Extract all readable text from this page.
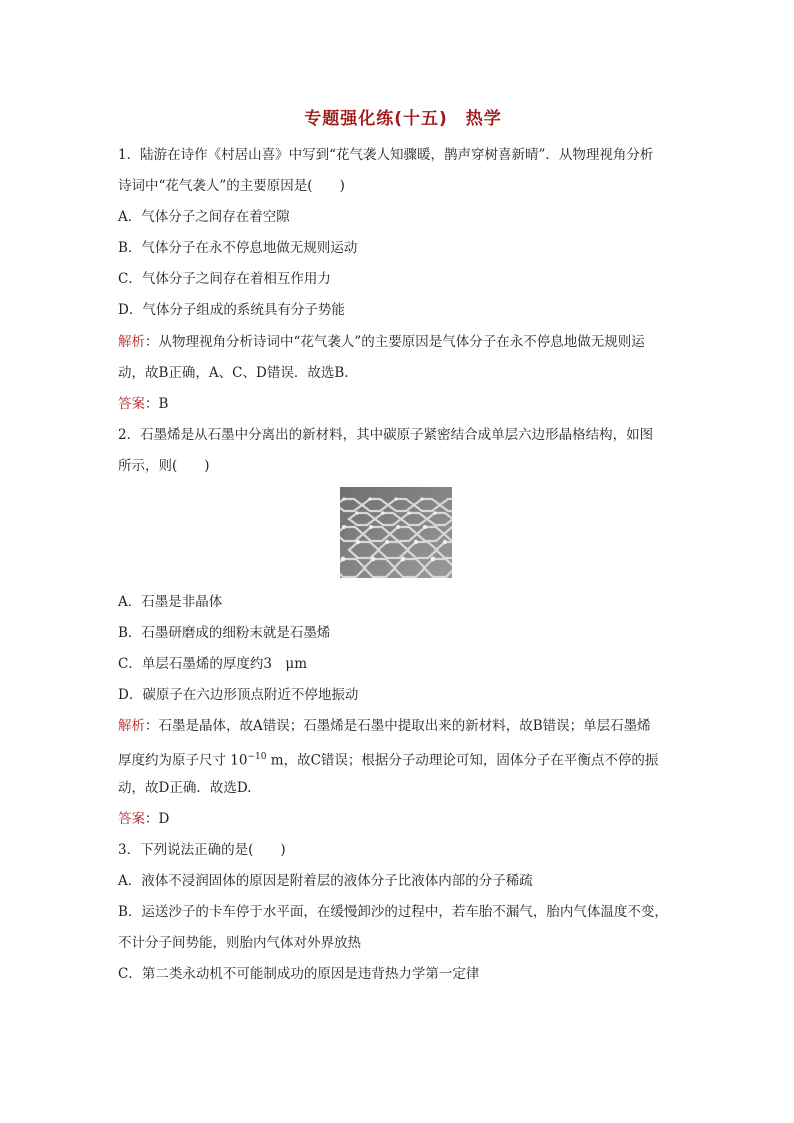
专题强化练(十五)　热学
1．陆游在诗作《村居山喜》中写到“花气袭人知骤暖，鹊声穿树喜新晴”．从物理视角分析
诗词中“花气袭人”的主要原因是(　　)
A．气体分子之间存在着空隙
B．气体分子在永不停息地做无规则运动
C．气体分子之间存在着相互作用力
D．气体分子组成的系统具有分子势能
解析：从物理视角分析诗词中“花气袭人”的主要原因是气体分子在永不停息地做无规则运
动，故B正确，A、C、D错误．故选B.
答案：B
2．石墨烯是从石墨中分离出的新材料，其中碳原子紧密结合成单层六边形晶格结构，如图
所示，则(　　)
A．石墨是非晶体
B．石墨研磨成的细粉末就是石墨烯
C．单层石墨烯的厚度约3　μm
D．碳原子在六边形顶点附近不停地振动
解析：石墨是晶体，故A错误；石墨烯是石墨中提取出来的新材料，故B错误；单层石墨烯
厚度约为原子尺寸 $10^{-10}$ m，故C错误；根据分子动理论可知，固体分子在平衡点不停的振
动，故D正确．故选D.
答案：D
3．下列说法正确的是(　　)
A．液体不浸润固体的原因是附着层的液体分子比液体内部的分子稀疏
B．运送沙子的卡车停于水平面，在缓慢卸沙的过程中，若车胎不漏气，胎内气体温度不变，
不计分子间势能，则胎内气体对外界放热
C．第二类永动机不可能制成功的原因是违背热力学第一定律
